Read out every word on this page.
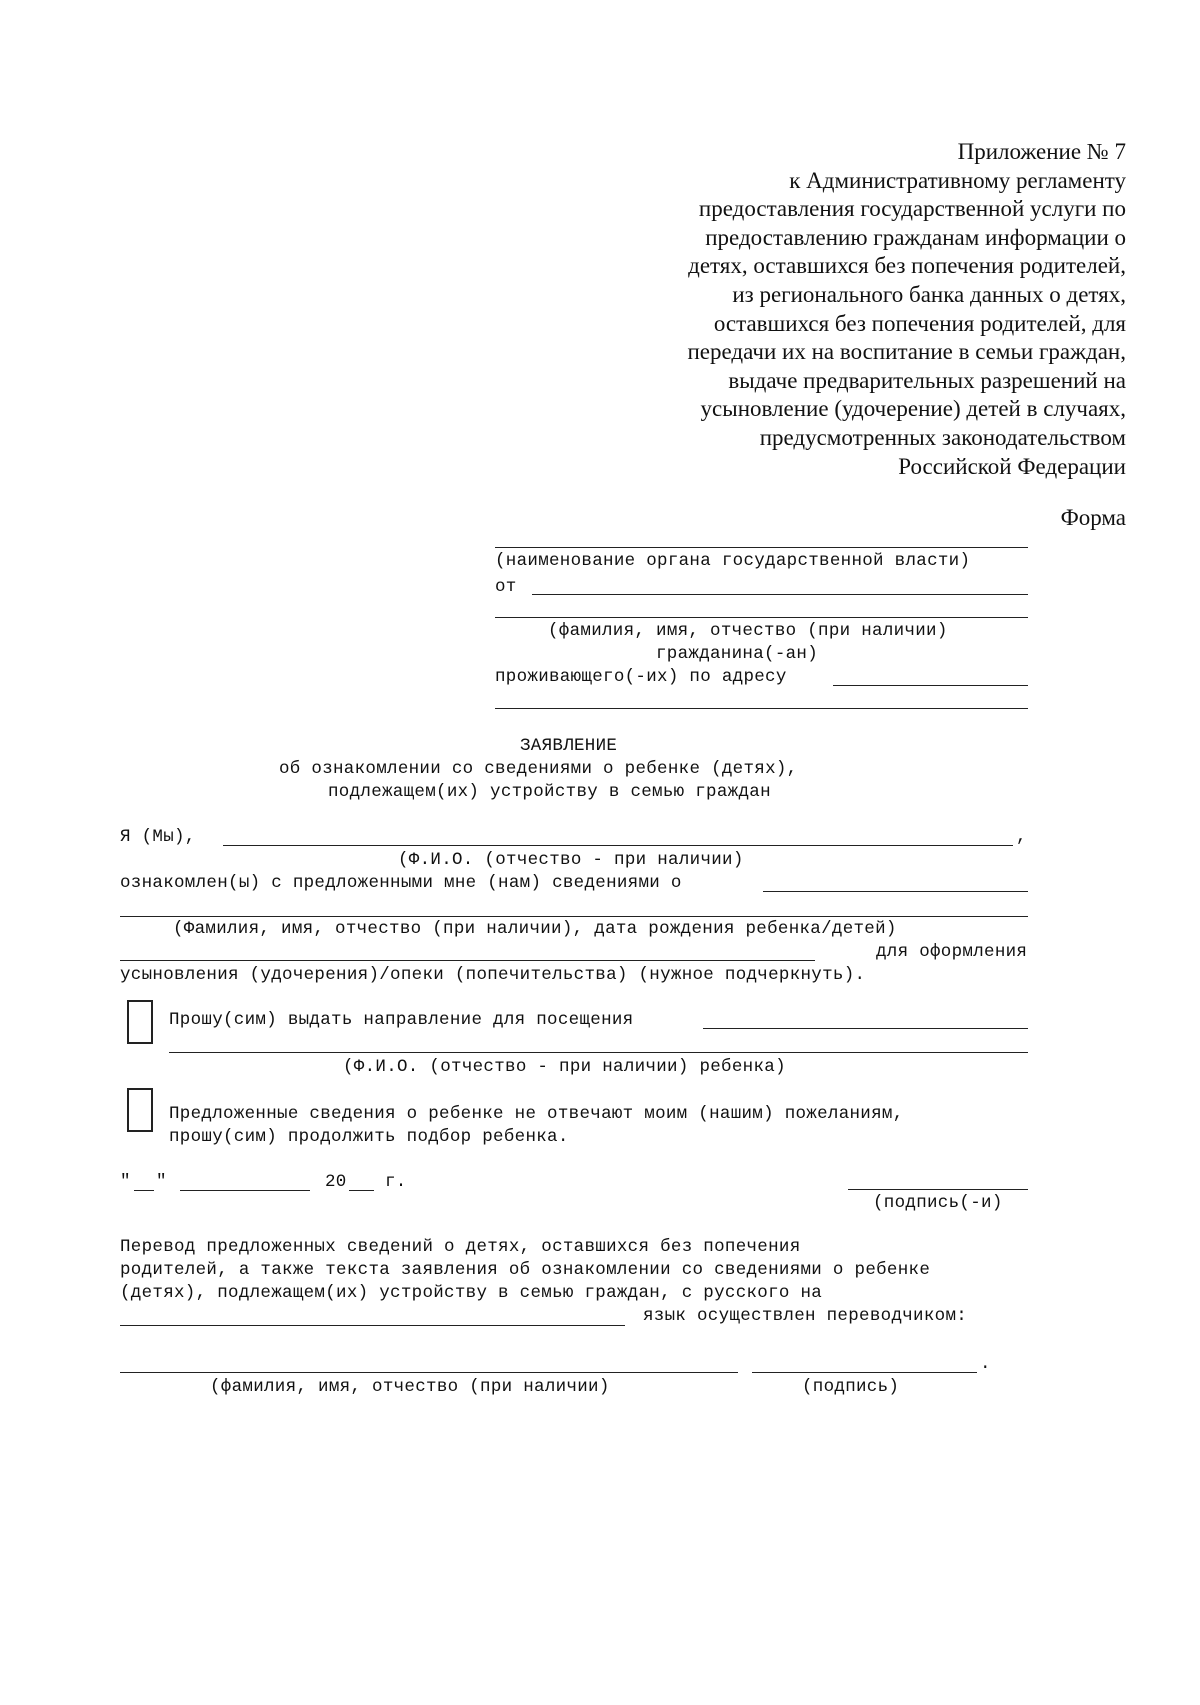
Приложение № 7
к Административному регламенту
предоставления государственной услуги по
предоставлению гражданам информации о
детях, оставшихся без попечения родителей,
из регионального банка данных о детях,
оставшихся без попечения родителей, для
передачи их на воспитание в семьи граждан,
выдаче предварительных разрешений на
усыновление (удочерение) детей в случаях,
предусмотренных законодательством
Российской Федерации
Форма
(наименование органа государственной власти)
от
(фамилия, имя, отчество (при наличии)
гражданина(-ан)
проживающего(-их) по адресу
ЗАЯВЛЕНИЕ
об ознакомлении со сведениями о ребенке (детях),
подлежащем(их) устройству в семью граждан
Я (Мы),	,
(Ф.И.О. (отчество - при наличии)
ознакомлен(ы) с предложенными мне (нам) сведениями о
(Фамилия, имя, отчество (при наличии), дата рождения ребенка/детей)
для оформления
усыновления (удочерения)/опеки (попечительства) (нужное подчеркнуть).
Прошу(сим) выдать направление для посещения
(Ф.И.О. (отчество - при наличии) ребенка)
Предложенные сведения о ребенке не отвечают моим (нашим) пожеланиям,
прошу(сим) продолжить подбор ребенка.
" "	20 г.
(подпись(-и)
Перевод предложенных сведений о детях, оставшихся без попечения
родителей, а также текста заявления об ознакомлении со сведениями о ребенке
(детях), подлежащем(их) устройству в семью граждан, с русского на
язык осуществлен переводчиком:
.
(фамилия, имя, отчество (при наличии)	(подпись)
